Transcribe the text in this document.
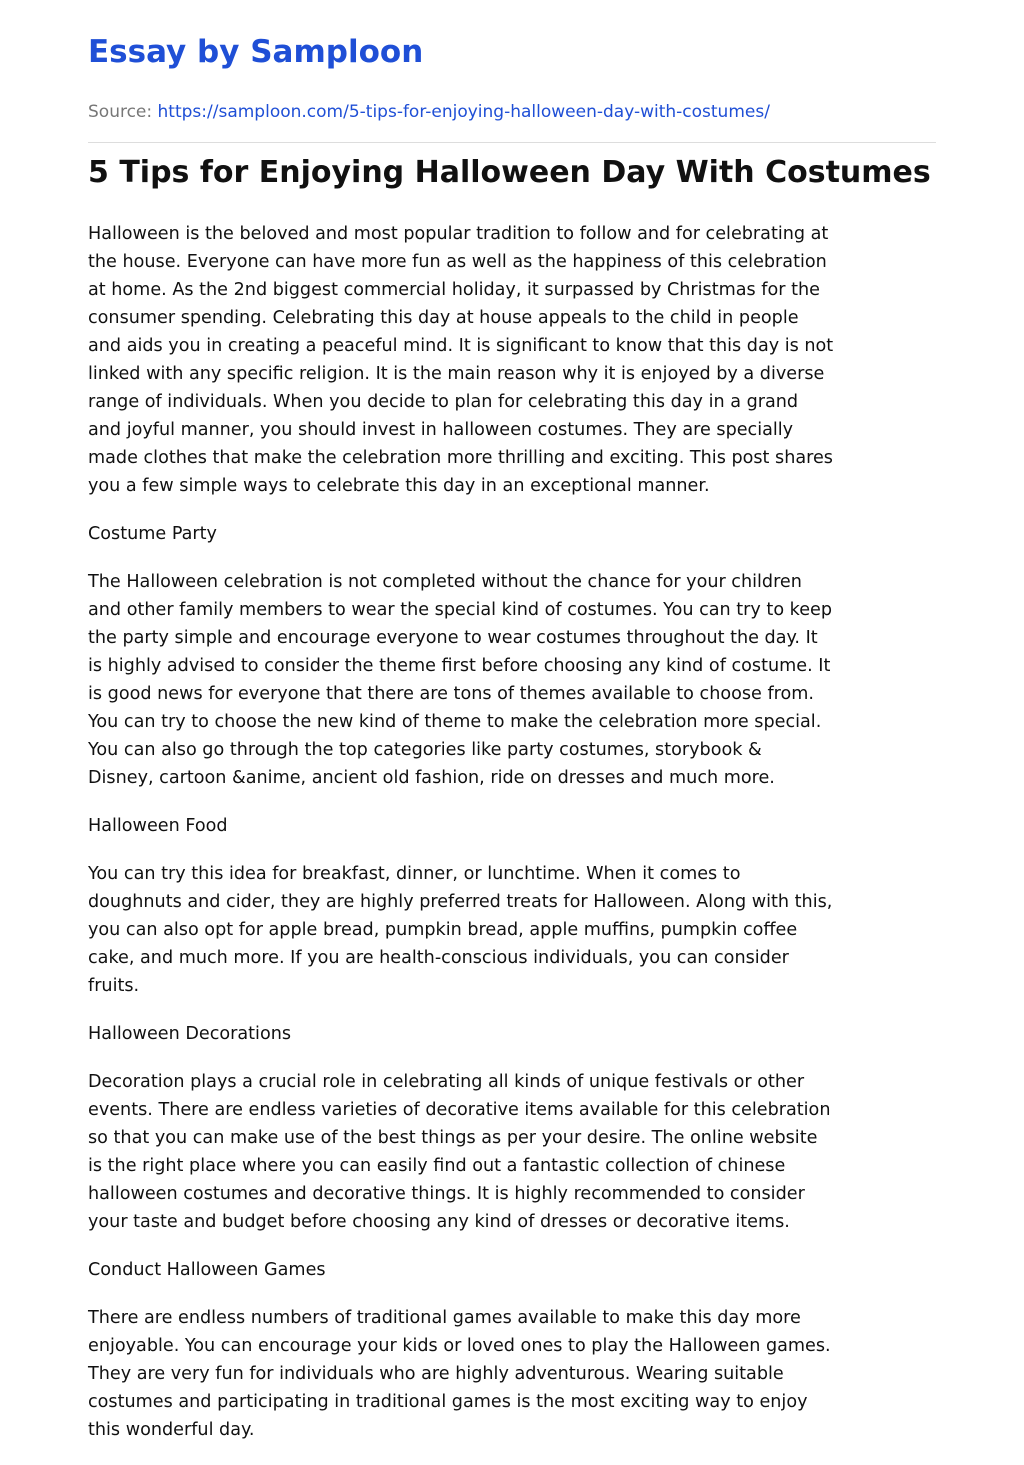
Essay by Samploon
Source: https://samploon.com/5-tips-for-enjoying-halloween-day-with-costumes/
5 Tips for Enjoying Halloween Day With Costumes

Halloween is the beloved and most popular tradition to follow and for celebrating at
the house. Everyone can have more fun as well as the happiness of this celebration
at home. As the 2nd biggest commercial holiday, it surpassed by Christmas for the
consumer spending. Celebrating this day at house appeals to the child in people
and aids you in creating a peaceful mind. It is significant to know that this day is not
linked with any specific religion. It is the main reason why it is enjoyed by a diverse
range of individuals. When you decide to plan for celebrating this day in a grand
and joyful manner, you should invest in halloween costumes. They are specially
made clothes that make the celebration more thrilling and exciting. This post shares
you a few simple ways to celebrate this day in an exceptional manner.

Costume Party

The Halloween celebration is not completed without the chance for your children
and other family members to wear the special kind of costumes. You can try to keep
the party simple and encourage everyone to wear costumes throughout the day. It
is highly advised to consider the theme first before choosing any kind of costume. It
is good news for everyone that there are tons of themes available to choose from.
You can try to choose the new kind of theme to make the celebration more special.
You can also go through the top categories like party costumes, storybook &
Disney, cartoon &anime, ancient old fashion, ride on dresses and much more.

Halloween Food

You can try this idea for breakfast, dinner, or lunchtime. When it comes to
doughnuts and cider, they are highly preferred treats for Halloween. Along with this,
you can also opt for apple bread, pumpkin bread, apple muffins, pumpkin coffee
cake, and much more. If you are health-conscious individuals, you can consider
fruits.

Halloween Decorations

Decoration plays a crucial role in celebrating all kinds of unique festivals or other
events. There are endless varieties of decorative items available for this celebration
so that you can make use of the best things as per your desire. The online website
is the right place where you can easily find out a fantastic collection of chinese
halloween costumes and decorative things. It is highly recommended to consider
your taste and budget before choosing any kind of dresses or decorative items.

Conduct Halloween Games

There are endless numbers of traditional games available to make this day more
enjoyable. You can encourage your kids or loved ones to play the Halloween games.
They are very fun for individuals who are highly adventurous. Wearing suitable
costumes and participating in traditional games is the most exciting way to enjoy
this wonderful day.
